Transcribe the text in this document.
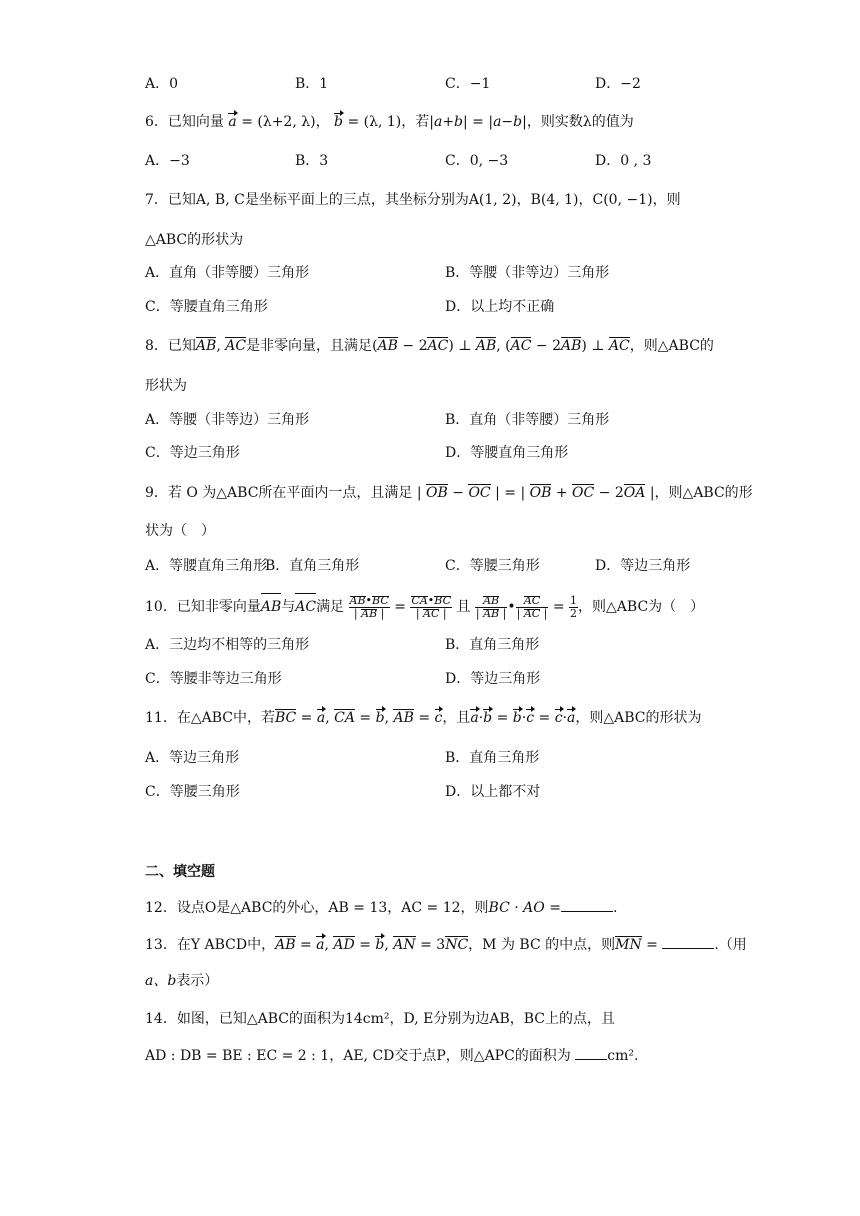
A．0	B．1	C．−1	D．−2
6．已知向量 a = (λ+2, λ)， b = (λ, 1)，若|a+b| = |a−b|，则实数λ的值为
A．−3	B．3	C．0, −3	D．0 , 3
7．已知A, B, C是坐标平面上的三点，其坐标分别为A(1, 2)，B(4, 1)，C(0, −1)，则
△ABC的形状为
A．直角（非等腰）三角形	B．等腰（非等边）三角形
C．等腰直角三角形	D．以上均不正确
8．已知AB, AC是非零向量，且满足(AB − 2AC) ⊥ AB, (AC − 2AB) ⊥ AC，则△ABC的
形状为
A．等腰（非等边）三角形	B．直角（非等腰）三角形
C．等边三角形	D．等腰直角三角形
9．若 O 为△ABC所在平面内一点，且满足 | OB − OC | = | OB + OC − 2OA |，则△ABC的形
状为（　）
A．等腰直角三角形
B．直角三角形	C．等腰三角形	D．等边三角形
10．已知非零向量AB与AC满足 $\frac{AB•BC}{| AB |} = \frac{CA•BC}{| AC |}$ 且 $\frac{AB}{| AB |}$ • $\frac{AC}{| AC |} = \frac{1}{2}$ ，则△ABC为（　）
A．三边均不相等的三角形	B．直角三角形
C．等腰非等边三角形	D．等边三角形
11．在△ABC中，若BC = a, CA = b, AB = c，且a·b = b·c = c·a，则△ABC的形状为
A．等边三角形	B．直角三角形
C．等腰三角形	D．以上都不对
二、填空题
12．设点O是△ABC的外心，AB = 13，AC = 12，则BC · AO =	.
13．在Y ABCD中，AB = a, AD = b, AN = 3NC，M 为 BC 的中点，则MN =	.（用
a、b表示）
14．如图，已知△ABC的面积为14cm²，D, E分别为边AB，BC上的点，且
AD : DB = BE : EC = 2 : 1，AE, CD交于点P，则△APC的面积为	cm².
